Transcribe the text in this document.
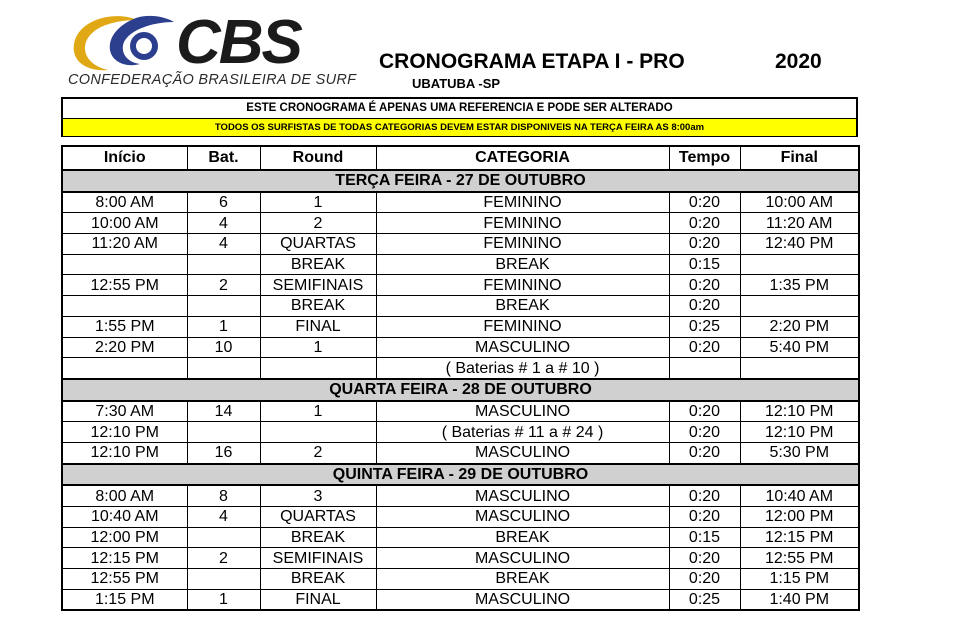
CBS
CONFEDERAÇÃO BRASILEIRA DE SURF
CRONOGRAMA ETAPA I - PRO	2020
UBATUBA -SP
ESTE CRONOGRAMA É APENAS UMA REFERENCIA E PODE SER ALTERADO
TODOS OS SURFISTAS DE TODAS CATEGORIAS DEVEM ESTAR DISPONIVEIS NA TERÇA FEIRA AS 8:00am
Início	Bat.	Round	CATEGORIA	Tempo	Final
TERÇA FEIRA - 27 DE OUTUBRO					
8:00 AM	6	1	FEMININO	0:20	10:00 AM
10:00 AM	4	2	FEMININO	0:20	11:20 AM
11:20 AM	4	QUARTAS	FEMININO	0:20	12:40 PM
		BREAK	BREAK	0:15	
12:55 PM	2	SEMIFINAIS	FEMININO	0:20	1:35 PM
		BREAK	BREAK	0:20	
1:55 PM	1	FINAL	FEMININO	0:25	2:20 PM
2:20 PM	10	1	MASCULINO	0:20	5:40 PM
			( Baterias # 1 a # 10 )		
QUARTA FEIRA - 28 DE OUTUBRO					
7:30 AM	14	1	MASCULINO	0:20	12:10 PM
12:10 PM			( Baterias # 11 a # 24 )	0:20	12:10 PM
12:10 PM	16	2	MASCULINO	0:20	5:30 PM
QUINTA FEIRA - 29 DE OUTUBRO					
8:00 AM	8	3	MASCULINO	0:20	10:40 AM
10:40 AM	4	QUARTAS	MASCULINO	0:20	12:00 PM
12:00 PM		BREAK	BREAK	0:15	12:15 PM
12:15 PM	2	SEMIFINAIS	MASCULINO	0:20	12:55 PM
12:55 PM		BREAK	BREAK	0:20	1:15 PM
1:15 PM	1	FINAL	MASCULINO	0:25	1:40 PM
